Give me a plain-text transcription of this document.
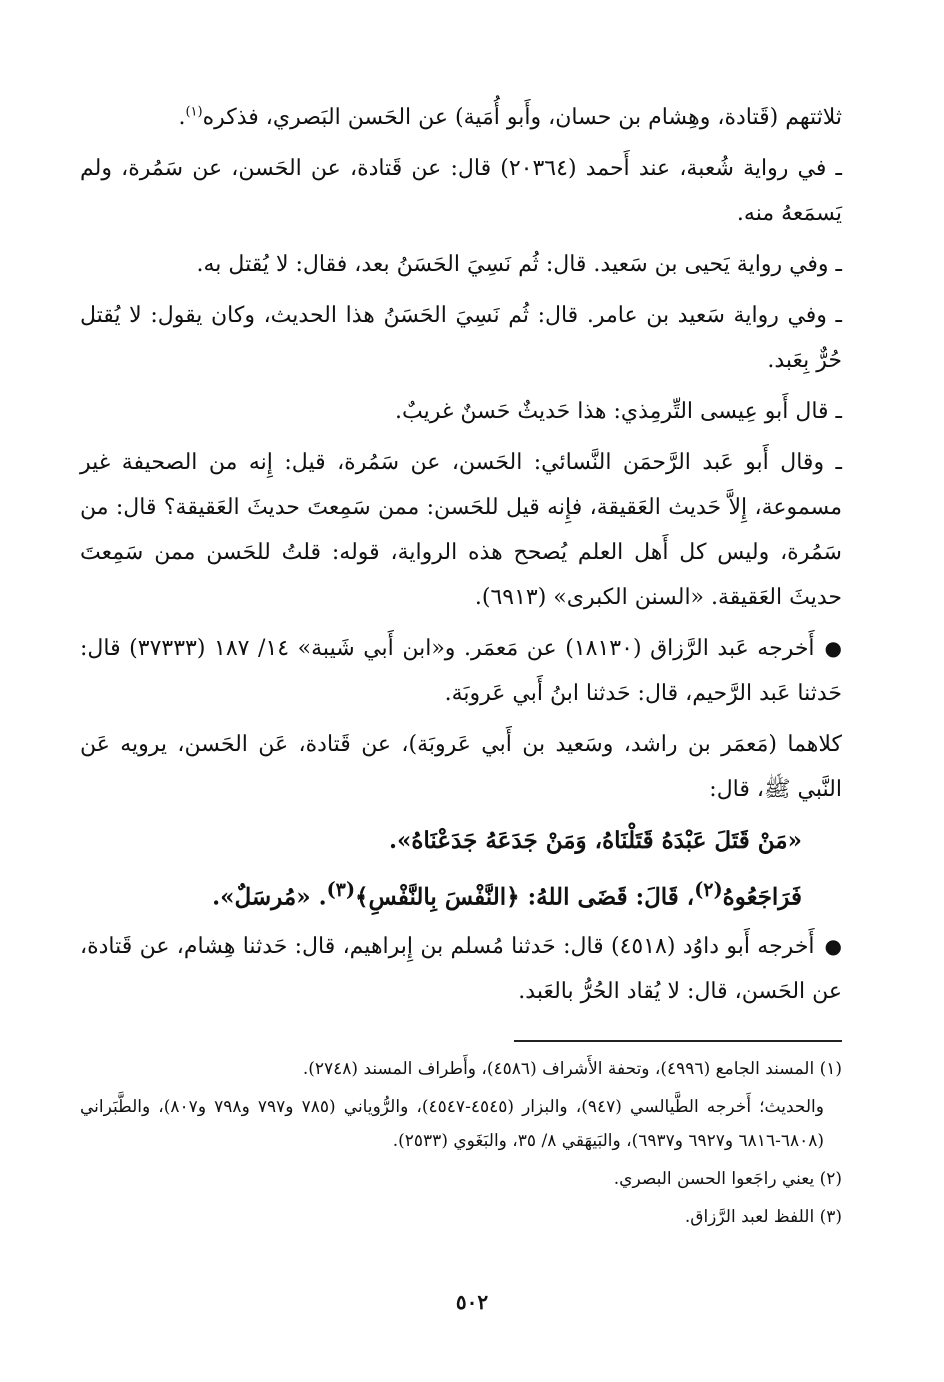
ثلاثتهم (قَتادة، وهِشام بن حسان، وأَبو أُمَية) عن الحَسن البَصري، فذكره$^{(١)}$.

ـ في رواية شُعبة، عند أَحمد (٢٠٣٦٤) قال: عن قَتادة، عن الحَسن، عن سَمُرة، ولم يَسمَعهُ منه.

ـ وفي رواية يَحيى بن سَعيد. قال: ثُم نَسِيَ الحَسَنُ بعد، فقال: لا يُقتل به.

ـ وفي رواية سَعيد بن عامر. قال: ثُم نَسِيَ الحَسَنُ هذا الحديث، وكان يقول: لا يُقتل حُرٌّ بِعَبد.

ـ قال أَبو عِيسى التِّرمِذي: هذا حَديثٌ حَسنٌ غريبٌ.

ـ وقال أَبو عَبد الرَّحمَن النَّسائي: الحَسن، عن سَمُرة، قيل: إِنه من الصحيفة غير مسموعة، إِلاَّ حَديث العَقيقة، فإِنه قيل للحَسن: ممن سَمِعتَ حديثَ العَقيقة؟ قال: من سَمُرة، وليس كل أَهل العلم يُصحح هذه الرواية، قوله: قلتُ للحَسن ممن سَمِعتَ حديثَ العَقيقة. «السنن الكبرى» (٦٩١٣).

●أَخرجه عَبد الرَّزاق (١٨١٣٠) عن مَعمَر. و«ابن أَبي شَيبة» ١٤/ ١٨٧ (٣٧٣٣٣) قال: حَدثنا عَبد الرَّحيم، قال: حَدثنا ابنُ أَبي عَروبَة.

كلاهما (مَعمَر بن راشد، وسَعيد بن أَبي عَروبَة)، عن قَتادة، عَن الحَسن، يرويه عَن النَّبي ﷺ، قال:

«مَنْ قَتَلَ عَبْدَهُ قَتَلْنَاهُ، وَمَنْ جَدَعَهُ جَدَعْنَاهُ».

فَرَاجَعُوهُ$^{(٢)}$، قَالَ: قَضَى اللهُ: ﴿النَّفْسَ بِالنَّفْسِ﴾$^{(٣)}$. «مُرسَلٌ».

●أَخرجه أَبو داوُد (٤٥١٨) قال: حَدثنا مُسلم بن إِبراهيم، قال: حَدثنا هِشام، عن قَتادة، عن الحَسن، قال: لا يُقاد الحُرُّ بالعَبد.

(١) المسند الجامع (٤٩٩٦)، وتحفة الأَشراف (٤٥٨٦)، وأَطراف المسند (٢٧٤٨).

والحديث؛ أَخرجه الطَّيالسي (٩٤٧)، والبزار (٤٥٤٥-٤٥٤٧)، والرُّوياني (٧٨٥ و٧٩٧ و٧٩٨ و٨٠٧)، والطَّبَراني (٦٨٠٨-٦٨١٦ و٦٩٢٧ و٦٩٣٧)، والبَيهَقي ٨/ ٣٥، والبَغَوي (٢٥٣٣).

(٢) يعني راجَعوا الحسن البصري.

(٣) اللفظ لعبد الرَّزاق.

٥٠٢
